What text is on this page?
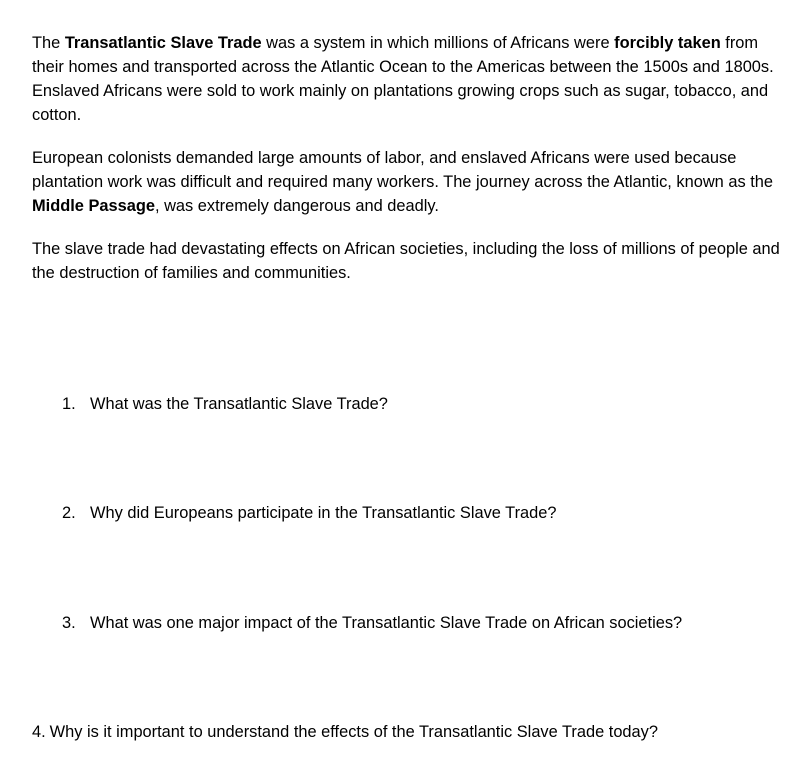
The Transatlantic Slave Trade was a system in which millions of Africans were forcibly taken from their homes and transported across the Atlantic Ocean to the Americas between the 1500s and 1800s. Enslaved Africans were sold to work mainly on plantations growing crops such as sugar, tobacco, and cotton.

European colonists demanded large amounts of labor, and enslaved Africans were used because plantation work was difficult and required many workers. The journey across the Atlantic, known as the Middle Passage, was extremely dangerous and deadly.

The slave trade had devastating effects on African societies, including the loss of millions of people and the destruction of families and communities.

1. What was the Transatlantic Slave Trade?

2. Why did Europeans participate in the Transatlantic Slave Trade?

3. What was one major impact of the Transatlantic Slave Trade on African societies?

4. Why is it important to understand the effects of the Transatlantic Slave Trade today?
